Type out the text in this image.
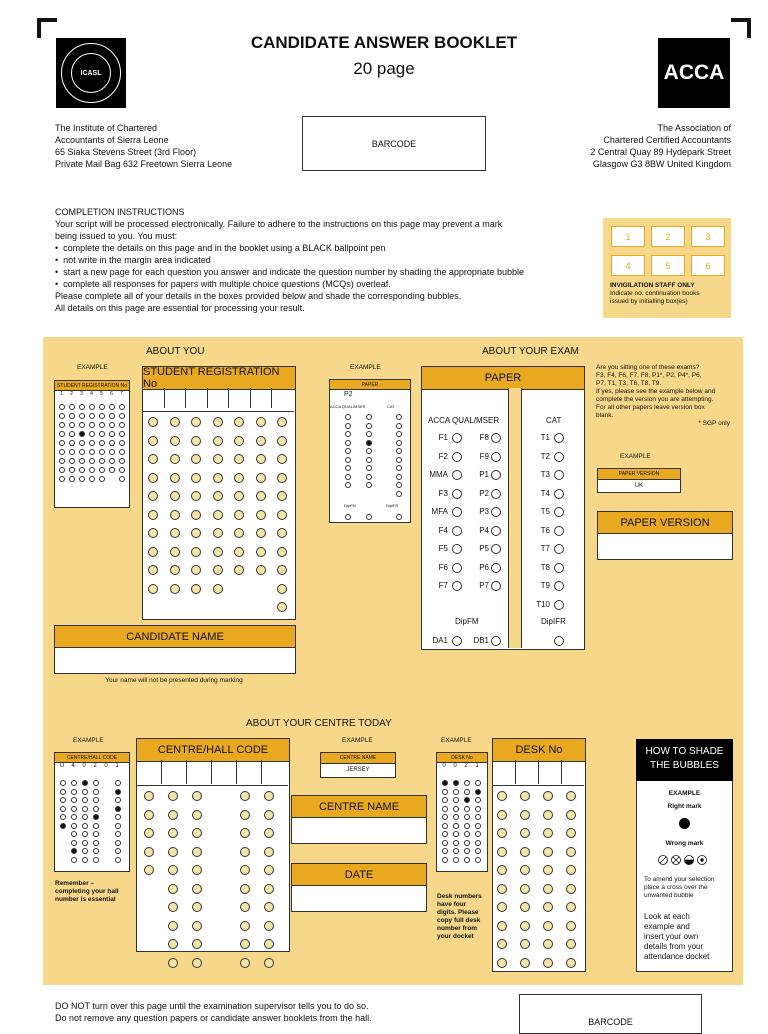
ICASL
CANDIDATE ANSWER BOOKLET
20 page	ACCA
The Institute of Chartered
Accountants of Sierra Leone
65 Siaka Stevens Street (3rd Floor)
Private Mail Bag 632 Freetown Sierra Leone
BARCODE
The Association of
Chartered Certified Accountants
2 Central Quay 89 Hydepark Street
Glasgow G3 8BW United Kingdom
COMPLETION INSTRUCTIONS
Your script will be processed electronically. Failure to adhere to the instructions on this page may prevent a mark
being issued to you. You must:
•  complete the details on this page and in the booklet using a BLACK ballpoint pen
•  not write in the margin area indicated
•  start a new page for each question you answer and indicate the question number by shading the appropriate bubble
•  complete all responses for papers with multiple choice questions (MCQs) overleaf.
Please complete all of your details in the boxes provided below and shade the corresponding bubbles.
All details on this page are essential for processing your result.
1	2	3
4	5	6
INVIGILATION STAFF ONLY
Indicate no. continuation books
issued by initialling box(es)
ABOUT YOU	ABOUT YOUR EXAM
EXAMPLE	EXAMPLE
STUDENT REGISTRATION No
1	2	3	4	5	6	7
STUDENT REGISTRATION No
CANDIDATE NAME
Your name will not be presented during marking
PAPER
P2
ACCA QUAL/MSER	CAT
DipFM	DipIFR
PAPER
ACCA QUAL/MSER	CAT
DipFM	DipIFR
F1	F8
F2	F9
MMA	P1
F3	P2
MFA	P3
F4	P4
F5	P5
F6	P6
F7	P7
T1
T2
T3
T4
T5
T6
T7
T8
T9
T10
DA1	DB1
Are you sitting one of these exams?
F3, F4, F6, F7, F8, P1*, P2, P4*, P6,
P7, T1, T3, T6, T8, T9.
If yes, please see the example below and
complete the version you are attempting.
For all other papers leave version box
blank.
* SGP only
EXAMPLE
PAPER VERSION
UK
PAPER VERSION
ABOUT YOUR CENTRE TODAY
EXAMPLE
CENTRE/HALL CODE
U	4	0	2	0	1
Remember –
completing your hall
number is essential
CENTRE/HALL CODE
EXAMPLE
CENTRE NAME
JERSEY
CENTRE NAME
DATE
EXAMPLE
DESK No
0	0	2	1
Desk numbers
have four
digits. Please
copy full desk
number from
your docket
DESK No	HOW TO SHADE
THE BUBBLES
EXAMPLE
Right mark
Wrong mark
To amend your selection
place a cross over the
unwanted bubble
Look at each
example and
insert your own
details from your
attendance docket
DO NOT turn over this page until the examination supervisor tells you to do so.
Do not remove any question papers or candidate answer booklets from the hall.	BARCODE
